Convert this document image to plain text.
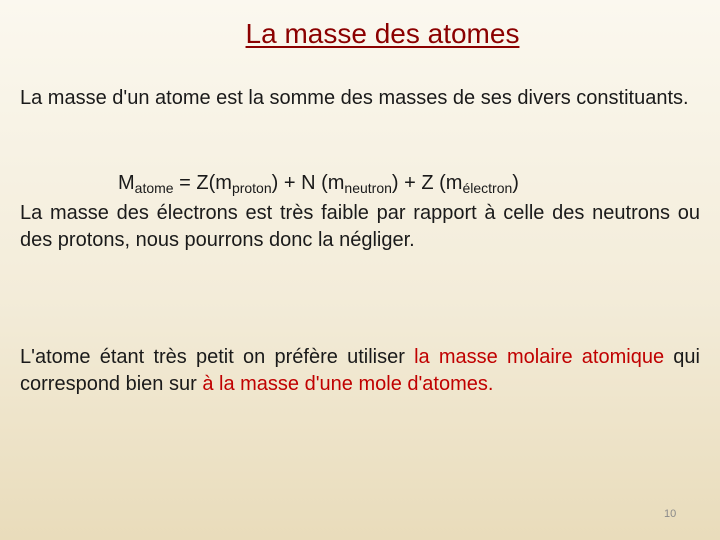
La masse des atomes

La masse d'un atome est la somme des masses de ses divers constituants.

$M_{atome} = Z(m_{proton}) + N$ $(m_{neutron}) + Z$ $(m_{électron})$

La masse des électrons est très faible par rapport à celle des neutrons ou des protons, nous pourrons donc la négliger.

L'atome étant très petit on préfère utiliser la masse molaire atomique qui correspond bien sur à la masse d'une mole d'atomes.

10
